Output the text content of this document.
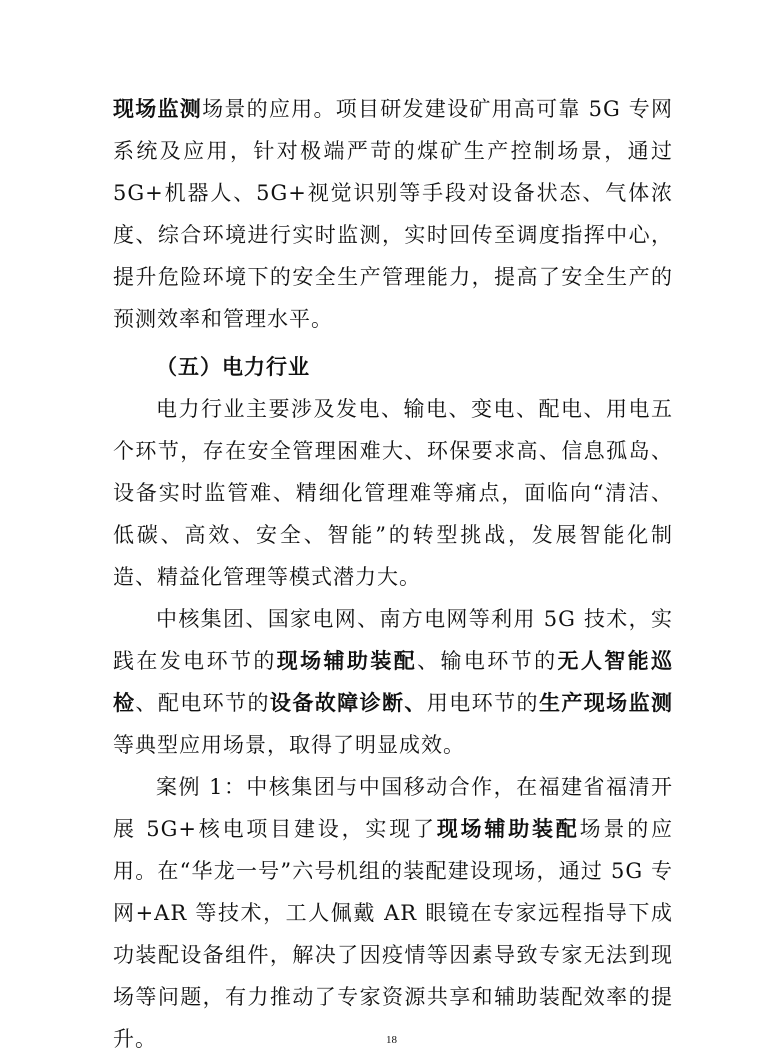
现场监测场景的应用。项目研发建设矿用高可靠 5G 专网系统及应用，针对极端严苛的煤矿生产控制场景，通过 5G+机器人、5G+视觉识别等手段对设备状态、气体浓度、综合环境进行实时监测，实时回传至调度指挥中心，提升危险环境下的安全生产管理能力，提高了安全生产的预测效率和管理水平。

（五）电力行业

电力行业主要涉及发电、输电、变电、配电、用电五个环节，存在安全管理困难大、环保要求高、信息孤岛、设备实时监管难、精细化管理难等痛点，面临向“清洁、低碳、高效、安全、智能”的转型挑战，发展智能化制造、精益化管理等模式潜力大。

中核集团、国家电网、南方电网等利用 5G 技术，实践在发电环节的现场辅助装配、输电环节的无人智能巡检、配电环节的设备故障诊断、用电环节的生产现场监测等典型应用场景，取得了明显成效。

案例 1：中核集团与中国移动合作，在福建省福清开展 5G+核电项目建设，实现了现场辅助装配场景的应用。在“华龙一号”六号机组的装配建设现场，通过 5G 专网+AR 等技术，工人佩戴 AR 眼镜在专家远程指导下成功装配设备组件，解决了因疫情等因素导致专家无法到现场等问题，有力推动了专家资源共享和辅助装配效率的提升。	18
